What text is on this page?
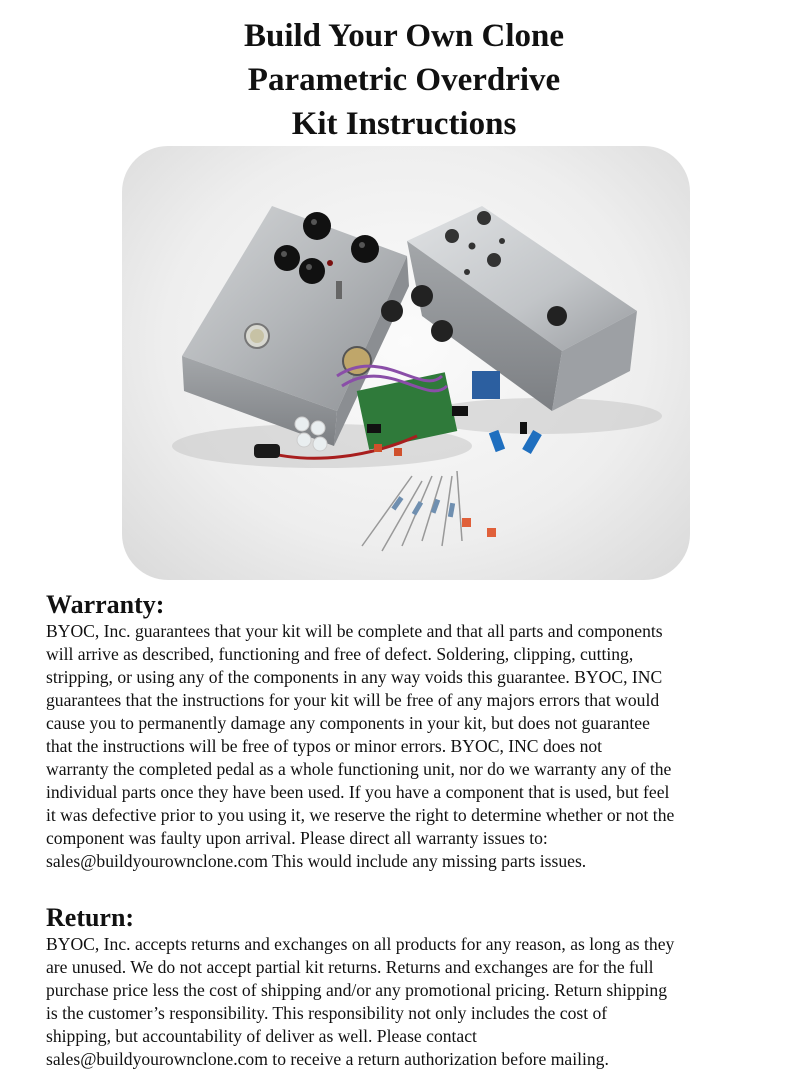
Build Your Own Clone
Parametric Overdrive
Kit Instructions
Warranty:
BYOC, Inc. guarantees that your kit will be complete and that all parts and components
will arrive as described, functioning and free of defect. Soldering, clipping, cutting,
stripping, or using any of the components in any way voids this guarantee. BYOC, INC
guarantees that the instructions for your kit will be free of any majors errors that would
cause you to permanently damage any components in your kit, but does not guarantee
that the instructions will be free of typos or minor errors. BYOC, INC does not
warranty the completed pedal as a whole functioning unit, nor do we warranty any of the
individual parts once they have been used. If you have a component that is used, but feel
it was defective prior to you using it, we reserve the right to determine whether or not the
component was faulty upon arrival. Please direct all warranty issues to:
sales@buildyourownclone.com This would include any missing parts issues.
Return:
BYOC, Inc. accepts returns and exchanges on all products for any reason, as long as they
are unused. We do not accept partial kit returns. Returns and exchanges are for the full
purchase price less the cost of shipping and/or any promotional pricing. Return shipping
is the customer’s responsibility. This responsibility not only includes the cost of
shipping, but accountability of deliver as well. Please contact
sales@buildyourownclone.com to receive a return authorization before mailing.
